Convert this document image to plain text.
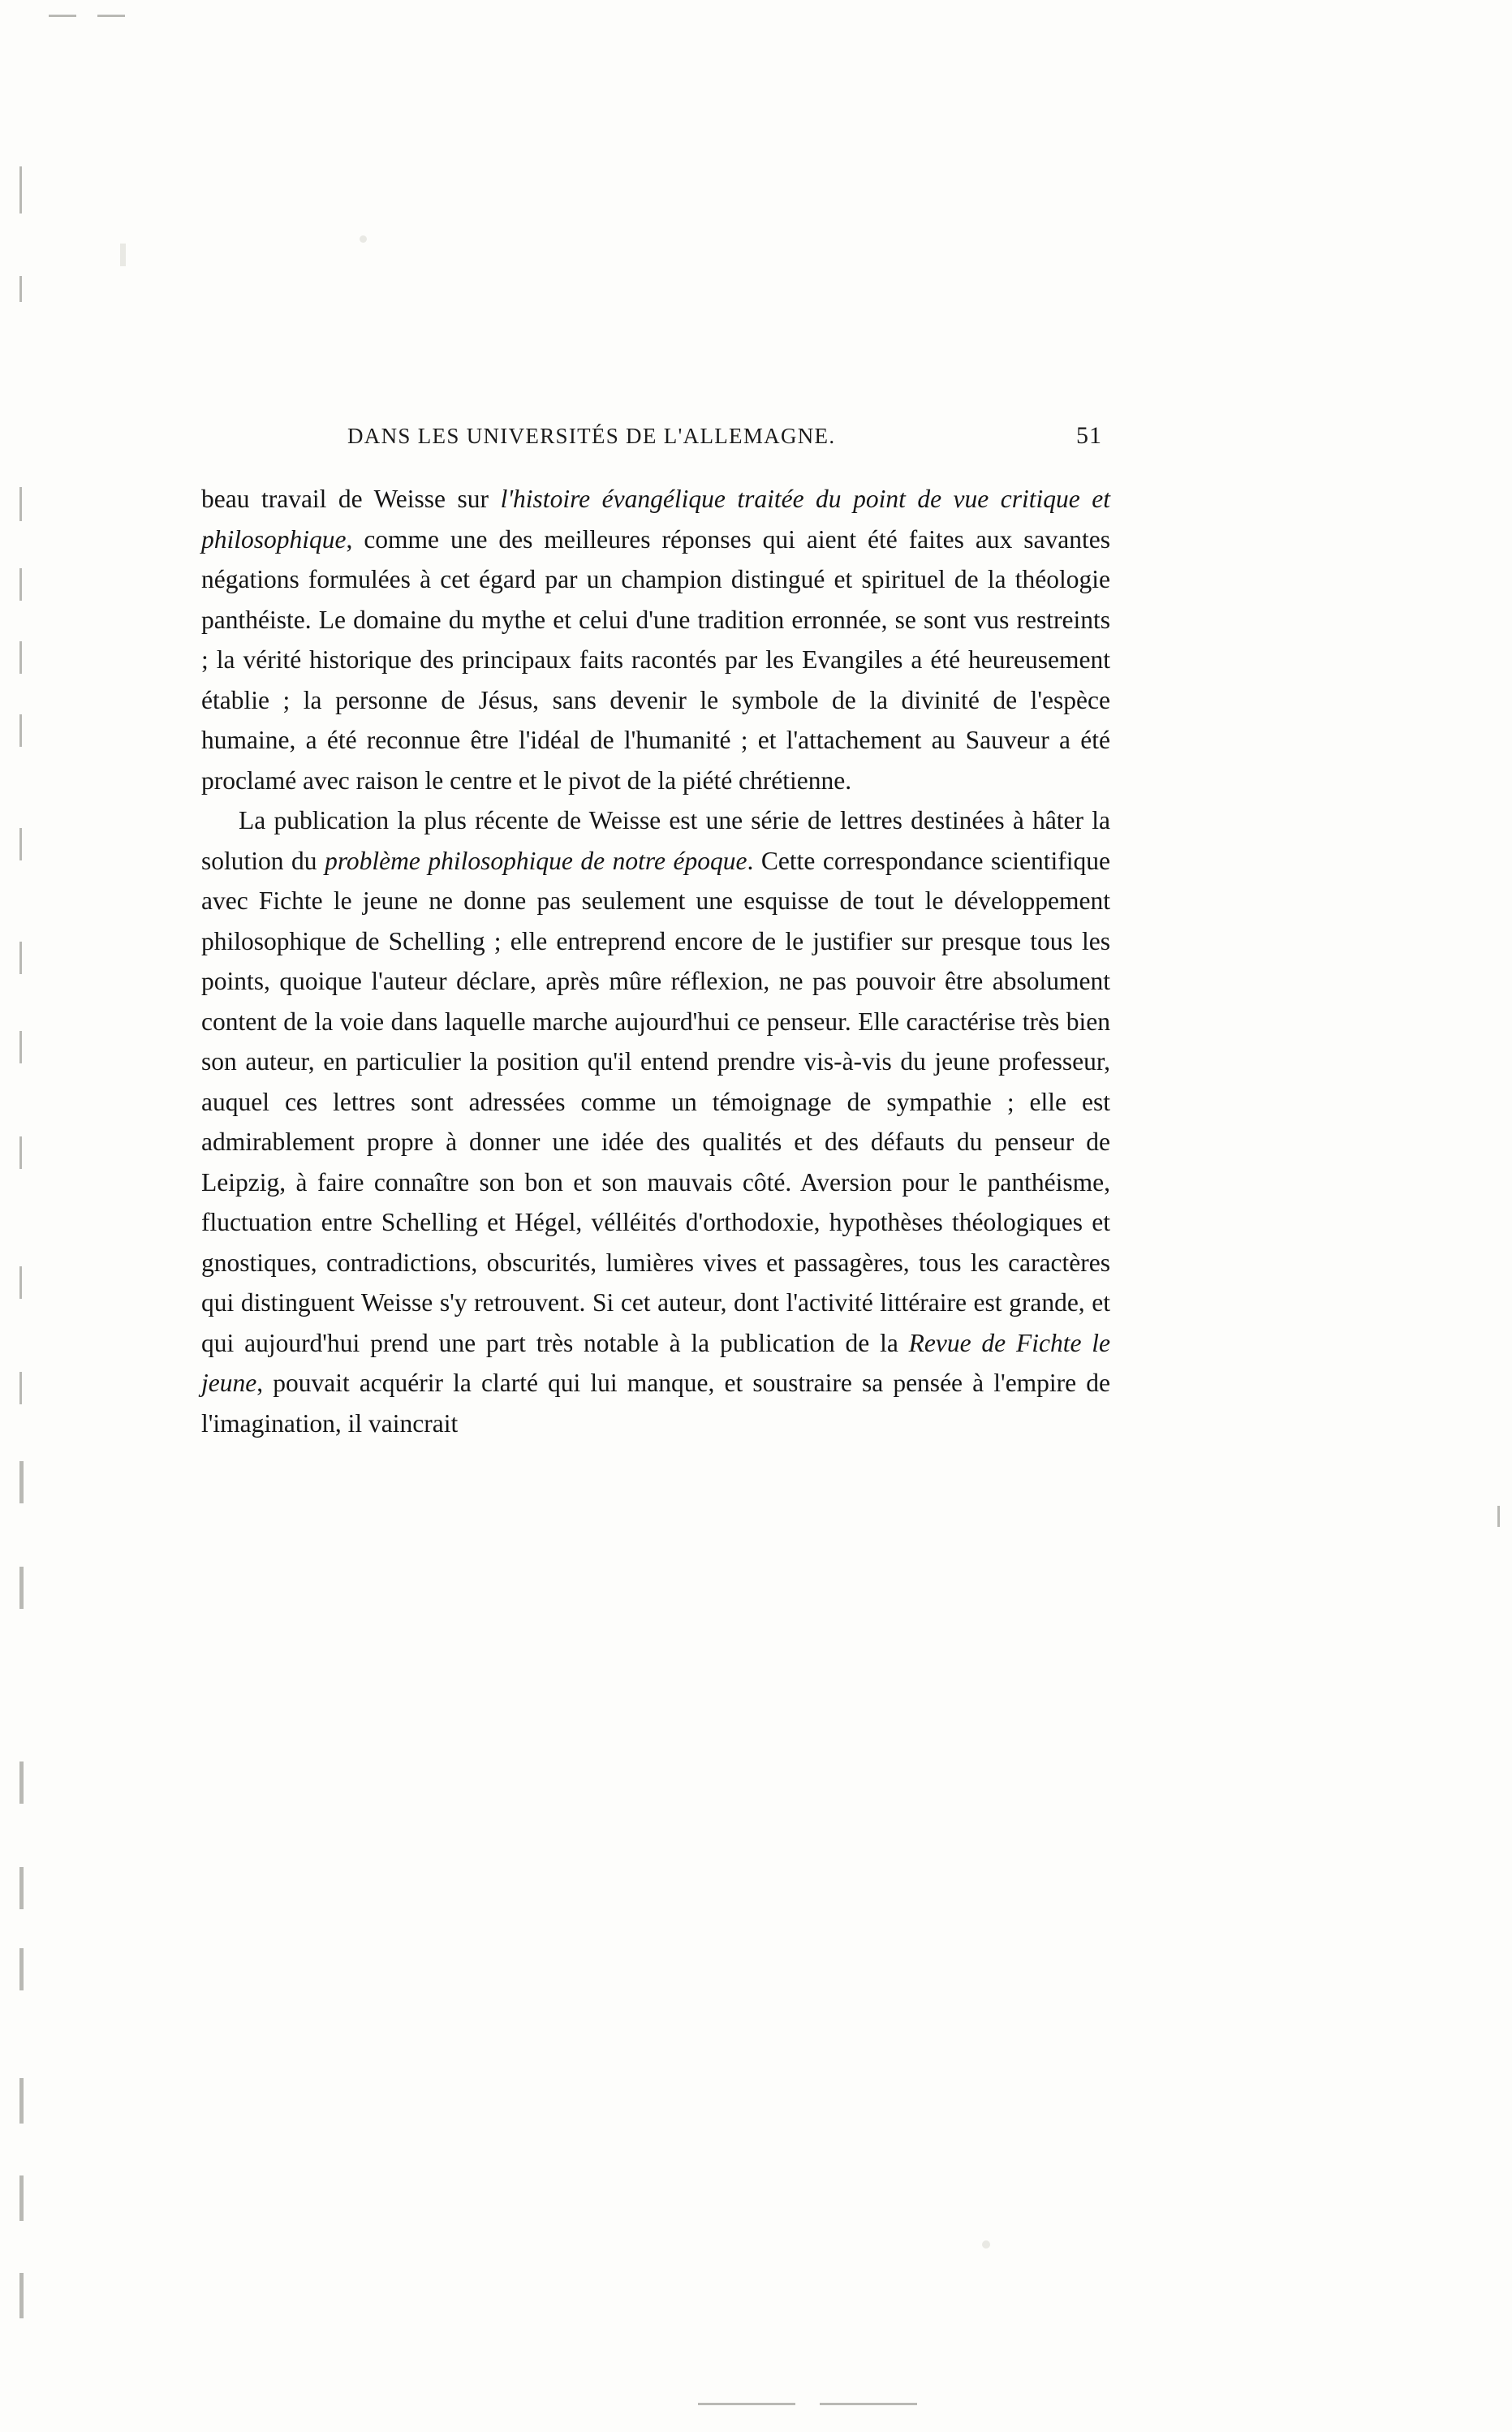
DANS LES UNIVERSITÉS DE L'ALLEMAGNE.	51

beau travail de Weisse sur l'histoire évangélique traitée du point de vue critique et philosophique, comme une des meilleures réponses qui aient été faites aux savantes négations formulées à cet égard par un champion distingué et spirituel de la théologie panthéiste. Le domaine du mythe et celui d'une tradition erronnée, se sont vus restreints ; la vérité historique des principaux faits racontés par les Evangiles a été heureusement établie ; la personne de Jésus, sans devenir le symbole de la divinité de l'espèce humaine, a été reconnue être l'idéal de l'humanité ; et l'attachement au Sauveur a été proclamé avec raison le centre et le pivot de la piété chrétienne.

La publication la plus récente de Weisse est une série de lettres destinées à hâter la solution du problème philosophique de notre époque. Cette correspondance scientifique avec Fichte le jeune ne donne pas seulement une esquisse de tout le développement philosophique de Schelling ; elle entreprend encore de le justifier sur presque tous les points, quoique l'auteur déclare, après mûre réflexion, ne pas pouvoir être absolument content de la voie dans laquelle marche aujourd'hui ce penseur. Elle caractérise très bien son auteur, en particulier la position qu'il entend prendre vis-à-vis du jeune professeur, auquel ces lettres sont adressées comme un témoignage de sympathie ; elle est admirablement propre à donner une idée des qualités et des défauts du penseur de Leipzig, à faire connaître son bon et son mauvais côté. Aversion pour le panthéisme, fluctuation entre Schelling et Hégel, vélléités d'orthodoxie, hypothèses théologiques et gnostiques, contradictions, obscurités, lumières vives et passagères, tous les caractères qui distinguent Weisse s'y retrouvent. Si cet auteur, dont l'activité littéraire est grande, et qui aujourd'hui prend une part très notable à la publication de la Revue de Fichte le jeune, pouvait acquérir la clarté qui lui manque, et soustraire sa pensée à l'empire de l'imagination, il vaincrait
